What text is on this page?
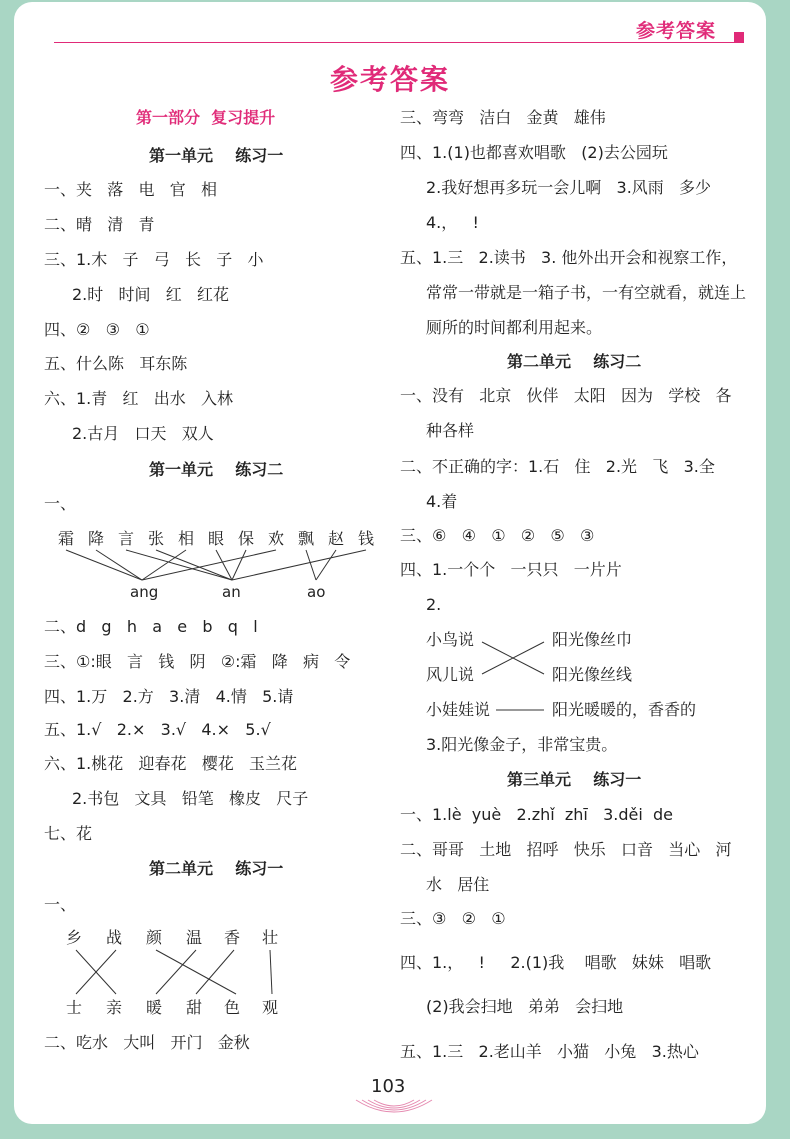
参考答案
参考答案
第一部分  复习提升
第一单元    练习一
一、夹   落   电   官   相
二、晴   清   青
三、1.木   子   弓   长   子   小
2.时   时间   红   红花
四、②   ③   ①
五、什么陈   耳东陈
六、1.青   红   出水   入林
2.古月   口天   双人
第一单元    练习二
一、
霜 降 言 张 相 眼 保 欢 飘 赵 钱
ang	an	ao
二、d   g   h   a   e   b   q   l
三、①:眼   言   钱   阴   ②:霜   降   病   令
四、1.万   2.方   3.清   4.情   5.请
五、1.√   2.×   3.√   4.×   5.√
六、1.桃花   迎春花   樱花   玉兰花
2.书包   文具   铅笔   橡皮   尺子
七、花
第二单元    练习一
一、
乡 战 颜 温 香 壮
士 亲 暖 甜 色 观
二、吃水   大叫   开门   金秋
三、弯弯   洁白   金黄   雄伟
四、1.(1)也都喜欢唱歌   (2)去公园玩
2.我好想再多玩一会儿啊   3.风雨   多少
4.，   !
五、1.三   2.读书   3. 他外出开会和视察工作，
常常一带就是一箱子书，一有空就看，就连上
厕所的时间都利用起来。
第二单元    练习二
一、没有   北京   伙伴   太阳   因为   学校   各
种各样
二、不正确的字：1.石   住   2.光   飞   3.全
4.着
三、⑥   ④   ①   ②   ⑤   ③
四、1.一个个   一只只   一片片
2.
小鸟说
风儿说
小娃娃说
阳光像丝巾
阳光像丝线
阳光暖暖的，香香的
3.阳光像金子，非常宝贵。
第三单元    练习一
一、1.lè  yuè   2.zhǐ  zhī   3.děi  de
二、哥哥   土地   招呼   快乐   口音   当心   河
水   居住
三、③   ②   ①
四、1.，   !     2.(1)我    唱歌   妹妹   唱歌
(2)我会扫地   弟弟   会扫地
五、1.三   2.老山羊   小猫   小兔   3.热心
103
